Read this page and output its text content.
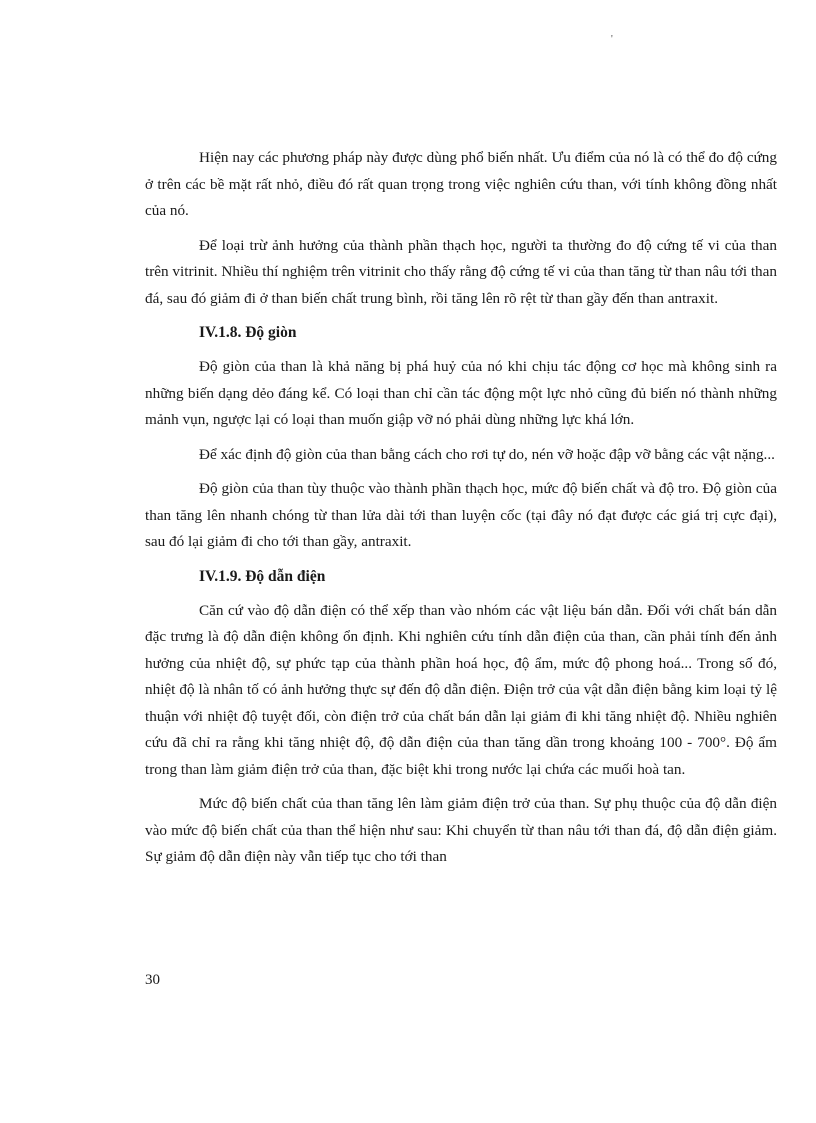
'

Hiện nay các phương pháp này được dùng phổ biến nhất. Ưu điểm của nó là có thể đo độ cứng ở trên các bề mặt rất nhỏ, điều đó rất quan trọng trong việc nghiên cứu than, với tính không đồng nhất của nó.

Để loại trừ ảnh hưởng của thành phần thạch học, người ta thường đo độ cứng tế vi của than trên vitrinit. Nhiều thí nghiệm trên vitrinit cho thấy rằng độ cứng tế vi của than tăng từ than nâu tới than đá, sau đó giảm đi ở than biến chất trung bình, rồi tăng lên rõ rệt từ than gầy đến than antraxit.

IV.1.8. Độ giòn

Độ giòn của than là khả năng bị phá huỷ của nó khi chịu tác động cơ học mà không sinh ra những biến dạng dẻo đáng kể. Có loại than chỉ cần tác động một lực nhỏ cũng đủ biến nó thành những mảnh vụn, ngược lại có loại than muốn giập vỡ nó phải dùng những lực khá lớn.

Để xác định độ giòn của than bằng cách cho rơi tự do, nén vỡ hoặc đập vỡ bằng các vật nặng...

Độ giòn của than tùy thuộc vào thành phần thạch học, mức độ biến chất và độ tro. Độ giòn của than tăng lên nhanh chóng từ than lửa dài tới than luyện cốc (tại đây nó đạt được các giá trị cực đại), sau đó lại giảm đi cho tới than gầy, antraxit.

IV.1.9. Độ dẫn điện

Căn cứ vào độ dẫn điện có thể xếp than vào nhóm các vật liệu bán dẫn. Đối với chất bán dẫn đặc trưng là độ dẫn điện không ổn định. Khi nghiên cứu tính dẫn điện của than, cần phải tính đến ảnh hưởng của nhiệt độ, sự phức tạp của thành phần hoá học, độ ẩm, mức độ phong hoá... Trong số đó, nhiệt độ là nhân tố có ảnh hưởng thực sự đến độ dẫn điện. Điện trở của vật dẫn điện bằng kim loại tỷ lệ thuận với nhiệt độ tuyệt đối, còn điện trở của chất bán dẫn lại giảm đi khi tăng nhiệt độ. Nhiều nghiên cứu đã chỉ ra rằng khi tăng nhiệt độ, độ dẫn điện của than tăng dần trong khoảng 100 - 700°. Độ ẩm trong than làm giảm điện trở của than, đặc biệt khi trong nước lại chứa các muối hoà tan.

Mức độ biến chất của than tăng lên làm giảm điện trở của than. Sự phụ thuộc của độ dẫn điện vào mức độ biến chất của than thể hiện như sau: Khi chuyển từ than nâu tới than đá, độ dẫn điện giảm. Sự giảm độ dẫn điện này vẫn tiếp tục cho tới than

30
